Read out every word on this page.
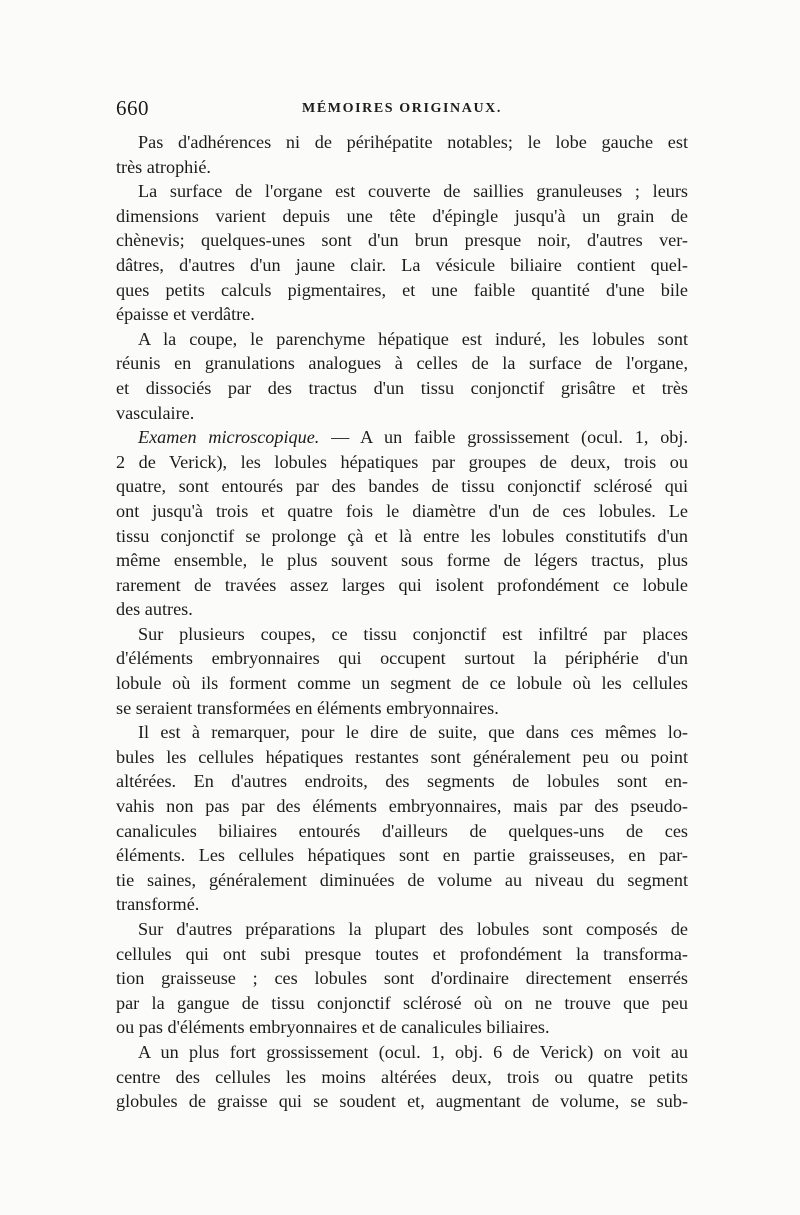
660	MÉMOIRES ORIGINAUX.
Pas d'adhérences ni de périhépatite notables; le lobe gauche est
très atrophié.
La surface de l'organe est couverte de saillies granuleuses ; leurs
dimensions varient depuis une tête d'épingle jusqu'à un grain de
chènevis; quelques-unes sont d'un brun presque noir, d'autres ver-
dâtres, d'autres d'un jaune clair. La vésicule biliaire contient quel-
ques petits calculs pigmentaires, et une faible quantité d'une bile
épaisse et verdâtre.
A la coupe, le parenchyme hépatique est induré, les lobules sont
réunis en granulations analogues à celles de la surface de l'organe,
et dissociés par des tractus d'un tissu conjonctif grisâtre et très
vasculaire.
Examen microscopique. — A un faible grossissement (ocul. 1, obj.
2 de Verick), les lobules hépatiques par groupes de deux, trois ou
quatre, sont entourés par des bandes de tissu conjonctif sclérosé qui
ont jusqu'à trois et quatre fois le diamètre d'un de ces lobules. Le
tissu conjonctif se prolonge çà et là entre les lobules constitutifs d'un
même ensemble, le plus souvent sous forme de légers tractus, plus
rarement de travées assez larges qui isolent profondément ce lobule
des autres.
Sur plusieurs coupes, ce tissu conjonctif est infiltré par places
d'éléments embryonnaires qui occupent surtout la périphérie d'un
lobule où ils forment comme un segment de ce lobule où les cellules
se seraient transformées en éléments embryonnaires.
Il est à remarquer, pour le dire de suite, que dans ces mêmes lo-
bules les cellules hépatiques restantes sont généralement peu ou point
altérées. En d'autres endroits, des segments de lobules sont en-
vahis non pas par des éléments embryonnaires, mais par des pseudo-
canalicules biliaires entourés d'ailleurs de quelques-uns de ces
éléments. Les cellules hépatiques sont en partie graisseuses, en par-
tie saines, généralement diminuées de volume au niveau du segment
transformé.
Sur d'autres préparations la plupart des lobules sont composés de
cellules qui ont subi presque toutes et profondément la transforma-
tion graisseuse ; ces lobules sont d'ordinaire directement enserrés
par la gangue de tissu conjonctif sclérosé où on ne trouve que peu
ou pas d'éléments embryonnaires et de canalicules biliaires.
A un plus fort grossissement (ocul. 1, obj. 6 de Verick) on voit au
centre des cellules les moins altérées deux, trois ou quatre petits
globules de graisse qui se soudent et, augmentant de volume, se sub-
